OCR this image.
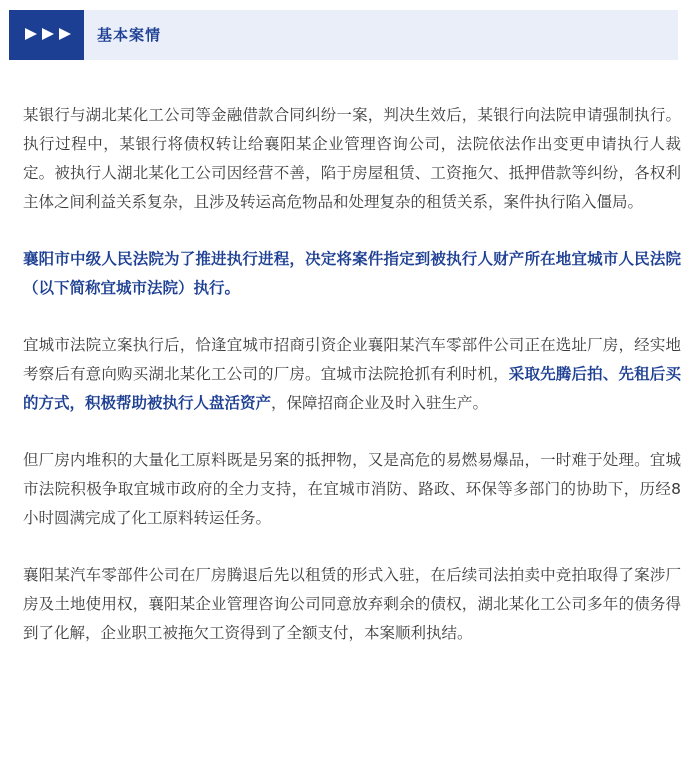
基本案情

某银行与湖北某化工公司等金融借款合同纠纷一案，判决生效后，某银行向法院申请强制执行。执行过程中，某银行将债权转让给襄阳某企业管理咨询公司，法院依法作出变更申请执行人裁定。被执行人湖北某化工公司因经营不善，陷于房屋租赁、工资拖欠、抵押借款等纠纷，各权利主体之间利益关系复杂，且涉及转运高危物品和处理复杂的租赁关系，案件执行陷入僵局。

襄阳市中级人民法院为了推进执行进程，决定将案件指定到被执行人财产所在地宜城市人民法院（以下简称宜城市法院）执行。

宜城市法院立案执行后，恰逢宜城市招商引资企业襄阳某汽车零部件公司正在选址厂房，经实地考察后有意向购买湖北某化工公司的厂房。宜城市法院抢抓有利时机，采取先腾后拍、先租后买的方式，积极帮助被执行人盘活资产，保障招商企业及时入驻生产。

但厂房内堆积的大量化工原料既是另案的抵押物，又是高危的易燃易爆品，一时难于处理。宜城市法院积极争取宜城市政府的全力支持，在宜城市消防、路政、环保等多部门的协助下，历经8小时圆满完成了化工原料转运任务。

襄阳某汽车零部件公司在厂房腾退后先以租赁的形式入驻，在后续司法拍卖中竞拍取得了案涉厂房及土地使用权，襄阳某企业管理咨询公司同意放弃剩余的债权，湖北某化工公司多年的债务得到了化解，企业职工被拖欠工资得到了全额支付，本案顺利执结。
